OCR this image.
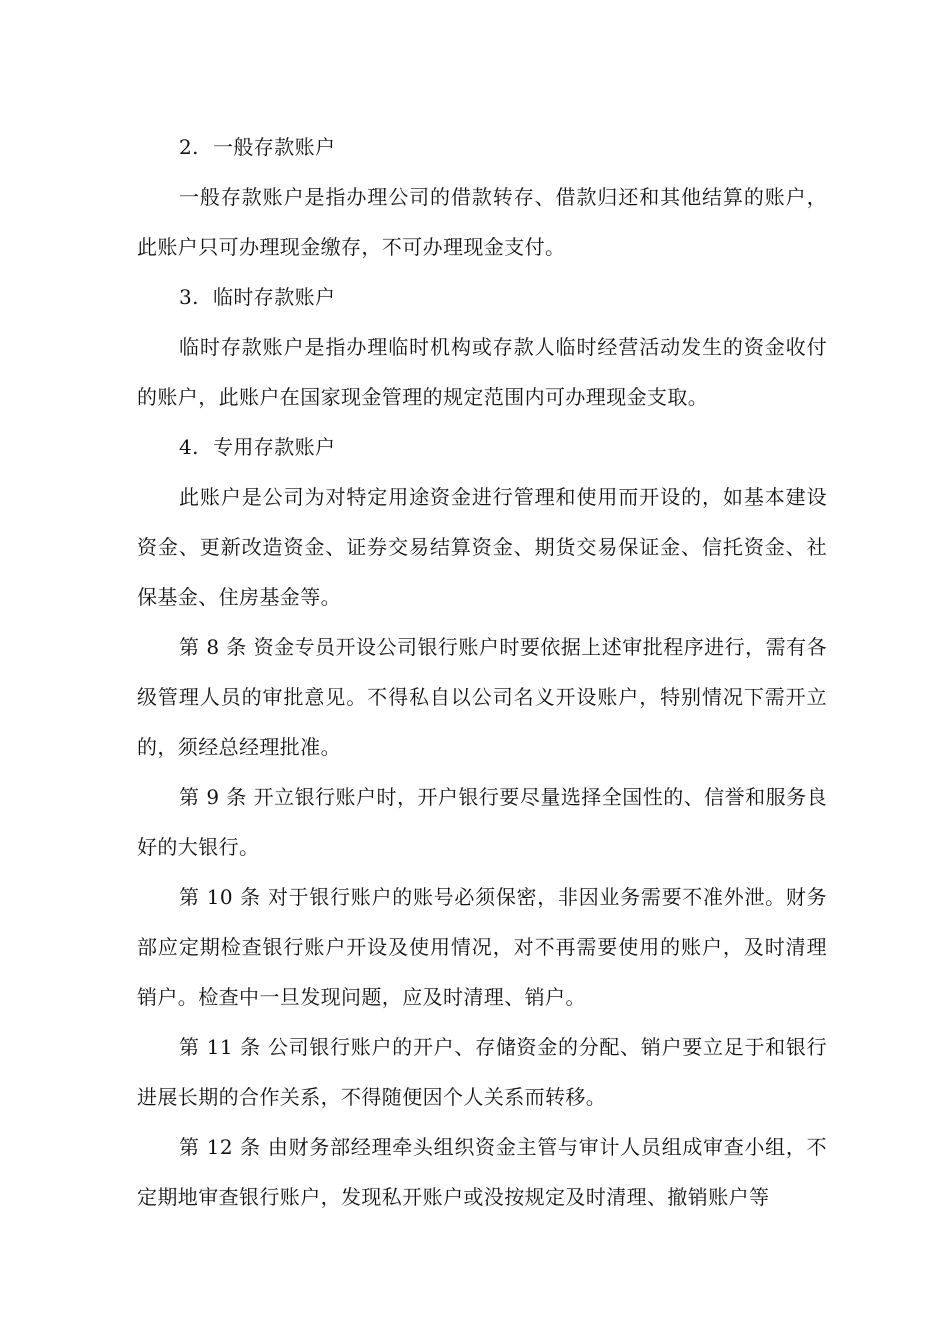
2. 一般存款账户

一般存款账户是指办理公司的借款转存、借款归还和其他结算的账户，此账户只可办理现金缴存，不可办理现金支付。

3. 临时存款账户

临时存款账户是指办理临时机构或存款人临时经营活动发生的资金收付的账户，此账户在国家现金管理的规定范围内可办理现金支取。

4. 专用存款账户

此账户是公司为对特定用途资金进行管理和使用而开设的，如基本建设资金、更新改造资金、证券交易结算资金、期货交易保证金、信托资金、社保基金、住房基金等。

第 8 条 资金专员开设公司银行账户时要依据上述审批程序进行，需有各级管理人员的审批意见。不得私自以公司名义开设账户，特别情况下需开立的，须经总经理批准。

第 9 条 开立银行账户时，开户银行要尽量选择全国性的、信誉和服务良好的大银行。

第 10 条 对于银行账户的账号必须保密，非因业务需要不准外泄。财务部应定期检查银行账户开设及使用情况，对不再需要使用的账户，及时清理销户。检查中一旦发现问题，应及时清理、销户。

第 11 条 公司银行账户的开户、存储资金的分配、销户要立足于和银行进展长期的合作关系，不得随便因个人关系而转移。

第 12 条 由财务部经理牵头组织资金主管与审计人员组成审查小组，不定期地审查银行账户，发现私开账户或没按规定及时清理、撤销账户等
